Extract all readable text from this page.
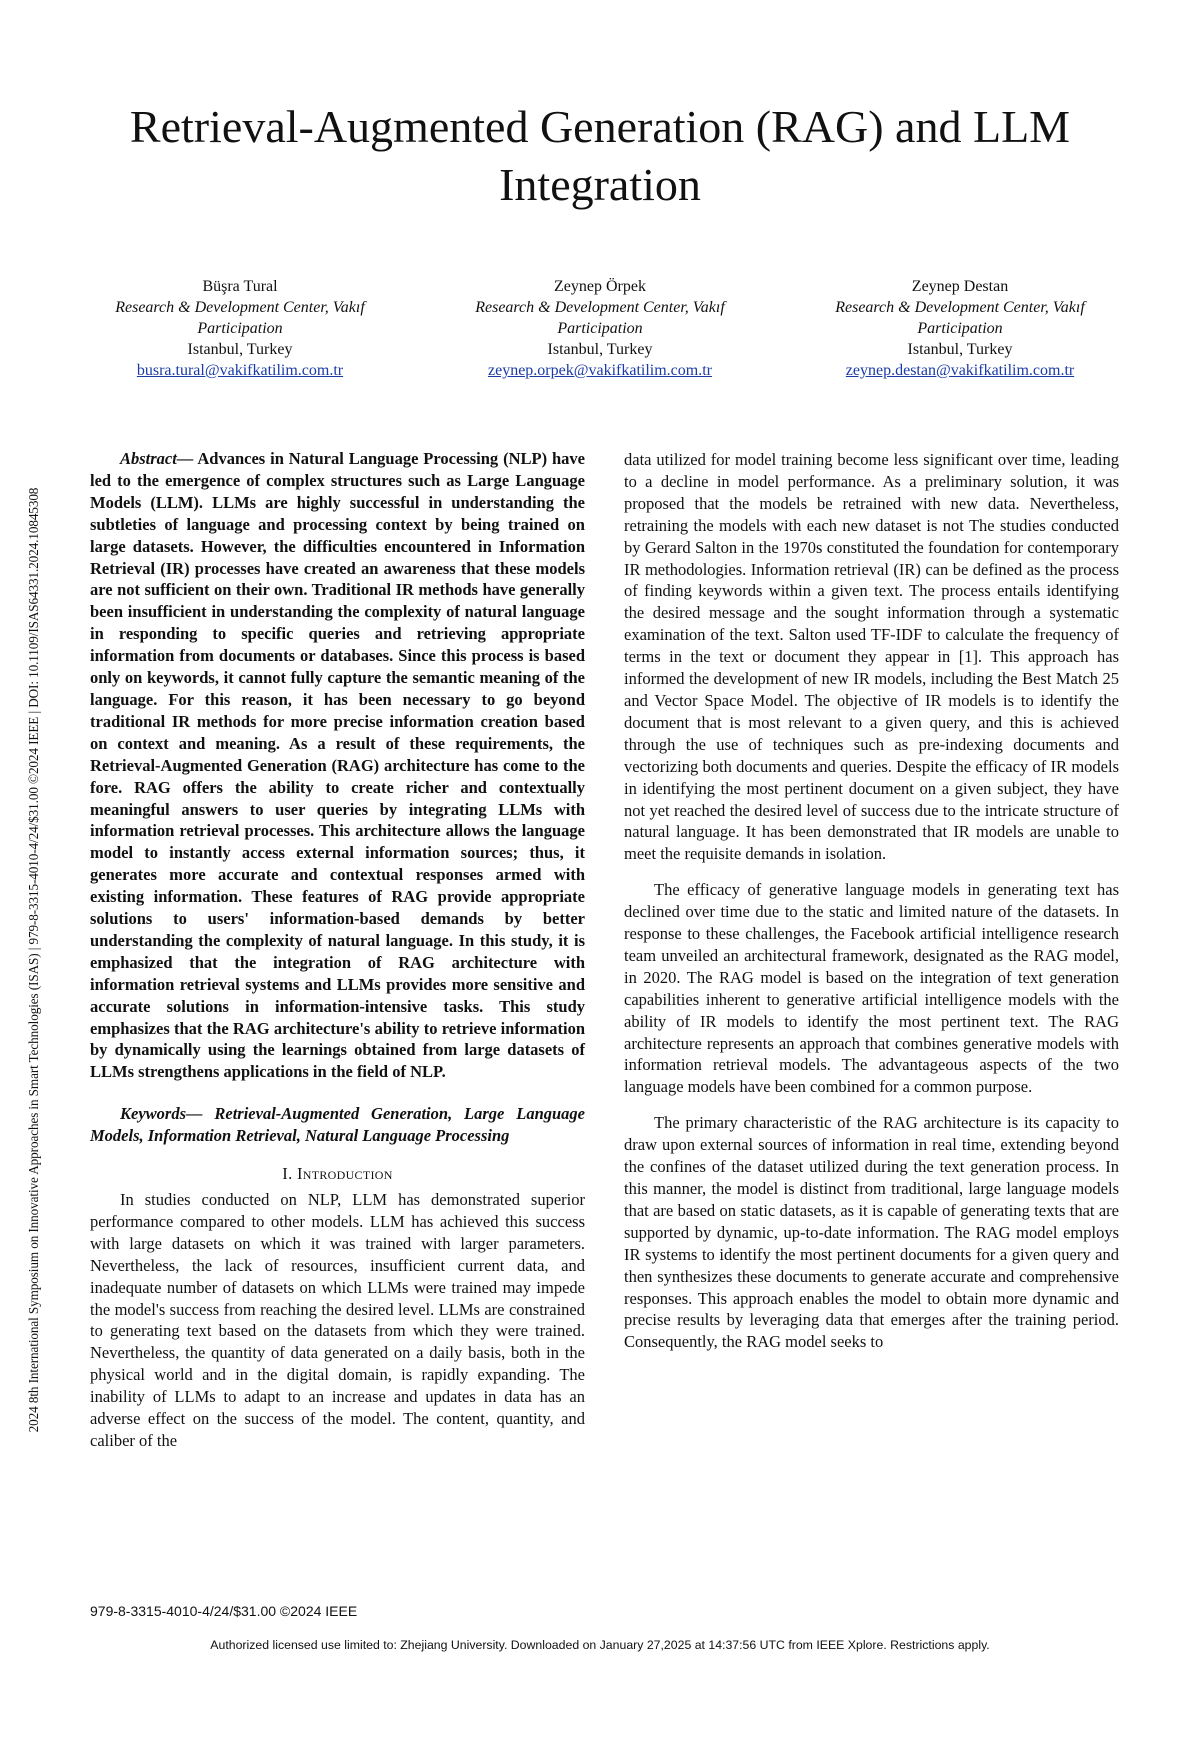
2024 8th International Symposium on Innovative Approaches in Smart Technologies (ISAS) | 979-8-3315-4010-4/24/$31.00 ©2024 IEEE | DOI: 10.1109/ISAS64331.2024.10845308
Retrieval-Augmented Generation (RAG) and LLM Integration
Büşra Tural
Research & Development Center, Vakıf Participation
Istanbul, Turkey
busra.tural@vakifkatilim.com.tr
Zeynep Örpek
Research & Development Center, Vakıf Participation
Istanbul, Turkey
zeynep.orpek@vakifkatilim.com.tr
Zeynep Destan
Research & Development Center, Vakıf Participation
Istanbul, Turkey
zeynep.destan@vakifkatilim.com.tr

Abstract— Advances in Natural Language Processing (NLP) have led to the emergence of complex structures such as Large Language Models (LLM). LLMs are highly successful in understanding the subtleties of language and processing context by being trained on large datasets. However, the difficulties encountered in Information Retrieval (IR) processes have created an awareness that these models are not sufficient on their own. Traditional IR methods have generally been insufficient in understanding the complexity of natural language in responding to specific queries and retrieving appropriate information from documents or databases. Since this process is based only on keywords, it cannot fully capture the semantic meaning of the language. For this reason, it has been necessary to go beyond traditional IR methods for more precise information creation based on context and meaning. As a result of these requirements, the Retrieval-Augmented Generation (RAG) architecture has come to the fore. RAG offers the ability to create richer and contextually meaningful answers to user queries by integrating LLMs with information retrieval processes. This architecture allows the language model to instantly access external information sources; thus, it generates more accurate and contextual responses armed with existing information. These features of RAG provide appropriate solutions to users' information-based demands by better understanding the complexity of natural language. In this study, it is emphasized that the integration of RAG architecture with information retrieval systems and LLMs provides more sensitive and accurate solutions in information-intensive tasks. This study emphasizes that the RAG architecture's ability to retrieve information by dynamically using the learnings obtained from large datasets of LLMs strengthens applications in the field of NLP.

Keywords— Retrieval-Augmented Generation, Large Language Models, Information Retrieval, Natural Language Processing

I. Introduction

In studies conducted on NLP, LLM has demonstrated superior performance compared to other models. LLM has achieved this success with large datasets on which it was trained with larger parameters. Nevertheless, the lack of resources, insufficient current data, and inadequate number of datasets on which LLMs were trained may impede the model's success from reaching the desired level. LLMs are constrained to generating text based on the datasets from which they were trained. Nevertheless, the quantity of data generated on a daily basis, both in the physical world and in the digital domain, is rapidly expanding. The inability of LLMs to adapt to an increase and updates in data has an adverse effect on the success of the model. The content, quantity, and caliber of the

data utilized for model training become less significant over time, leading to a decline in model performance. As a preliminary solution, it was proposed that the models be retrained with new data. Nevertheless, retraining the models with each new dataset is not The studies conducted by Gerard Salton in the 1970s constituted the foundation for contemporary IR methodologies. Information retrieval (IR) can be defined as the process of finding keywords within a given text. The process entails identifying the desired message and the sought information through a systematic examination of the text. Salton used TF-IDF to calculate the frequency of terms in the text or document they appear in [1]. This approach has informed the development of new IR models, including the Best Match 25 and Vector Space Model. The objective of IR models is to identify the document that is most relevant to a given query, and this is achieved through the use of techniques such as pre-indexing documents and vectorizing both documents and queries. Despite the efficacy of IR models in identifying the most pertinent document on a given subject, they have not yet reached the desired level of success due to the intricate structure of natural language. It has been demonstrated that IR models are unable to meet the requisite demands in isolation.

The efficacy of generative language models in generating text has declined over time due to the static and limited nature of the datasets. In response to these challenges, the Facebook artificial intelligence research team unveiled an architectural framework, designated as the RAG model, in 2020. The RAG model is based on the integration of text generation capabilities inherent to generative artificial intelligence models with the ability of IR models to identify the most pertinent text. The RAG architecture represents an approach that combines generative models with information retrieval models. The advantageous aspects of the two language models have been combined for a common purpose.

The primary characteristic of the RAG architecture is its capacity to draw upon external sources of information in real time, extending beyond the confines of the dataset utilized during the text generation process. In this manner, the model is distinct from traditional, large language models that are based on static datasets, as it is capable of generating texts that are supported by dynamic, up-to-date information. The RAG model employs IR systems to identify the most pertinent documents for a given query and then synthesizes these documents to generate accurate and comprehensive responses. This approach enables the model to obtain more dynamic and precise results by leveraging data that emerges after the training period. Consequently, the RAG model seeks to

979-8-3315-4010-4/24/$31.00 ©2024 IEEE
Authorized licensed use limited to: Zhejiang University. Downloaded on January 27,2025 at 14:37:56 UTC from IEEE Xplore. Restrictions apply.
